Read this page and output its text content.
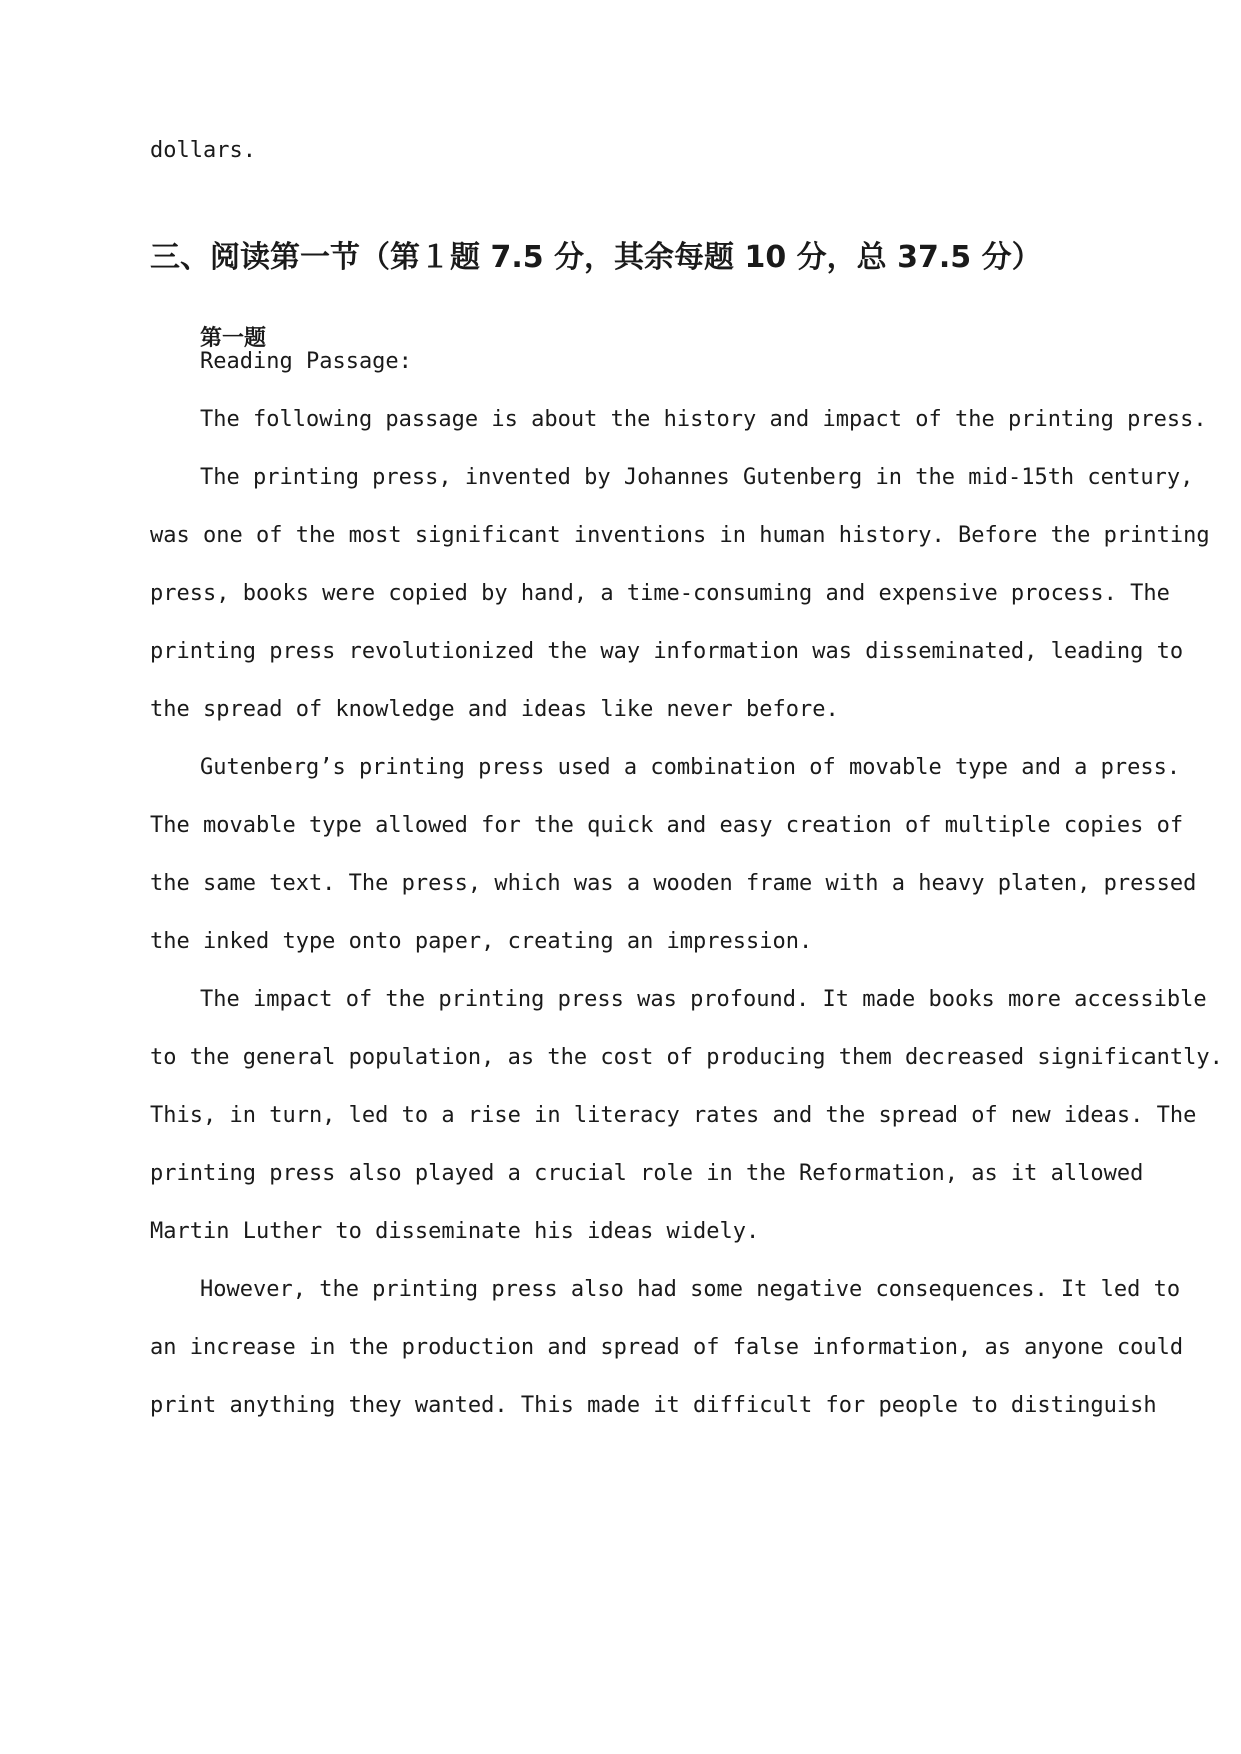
dollars.

三、阅读第一节（第１题 7.5 分，其余每题 10 分，总 37.5 分）
第一题

Reading Passage:

The following passage is about the history and impact of the printing press.

The printing press, invented by Johannes Gutenberg in the mid-15th century,

was one of the most significant inventions in human history. Before the printing

press, books were copied by hand, a time-consuming and expensive process. The

printing press revolutionized the way information was disseminated, leading to

the spread of knowledge and ideas like never before.

Gutenberg’s printing press used a combination of movable type and a press.

The movable type allowed for the quick and easy creation of multiple copies of

the same text. The press, which was a wooden frame with a heavy platen, pressed

the inked type onto paper, creating an impression.

The impact of the printing press was profound. It made books more accessible

to the general population, as the cost of producing them decreased significantly.

This, in turn, led to a rise in literacy rates and the spread of new ideas. The

printing press also played a crucial role in the Reformation, as it allowed

Martin Luther to disseminate his ideas widely.

However, the printing press also had some negative consequences. It led to

an increase in the production and spread of false information, as anyone could

print anything they wanted. This made it difficult for people to distinguish
